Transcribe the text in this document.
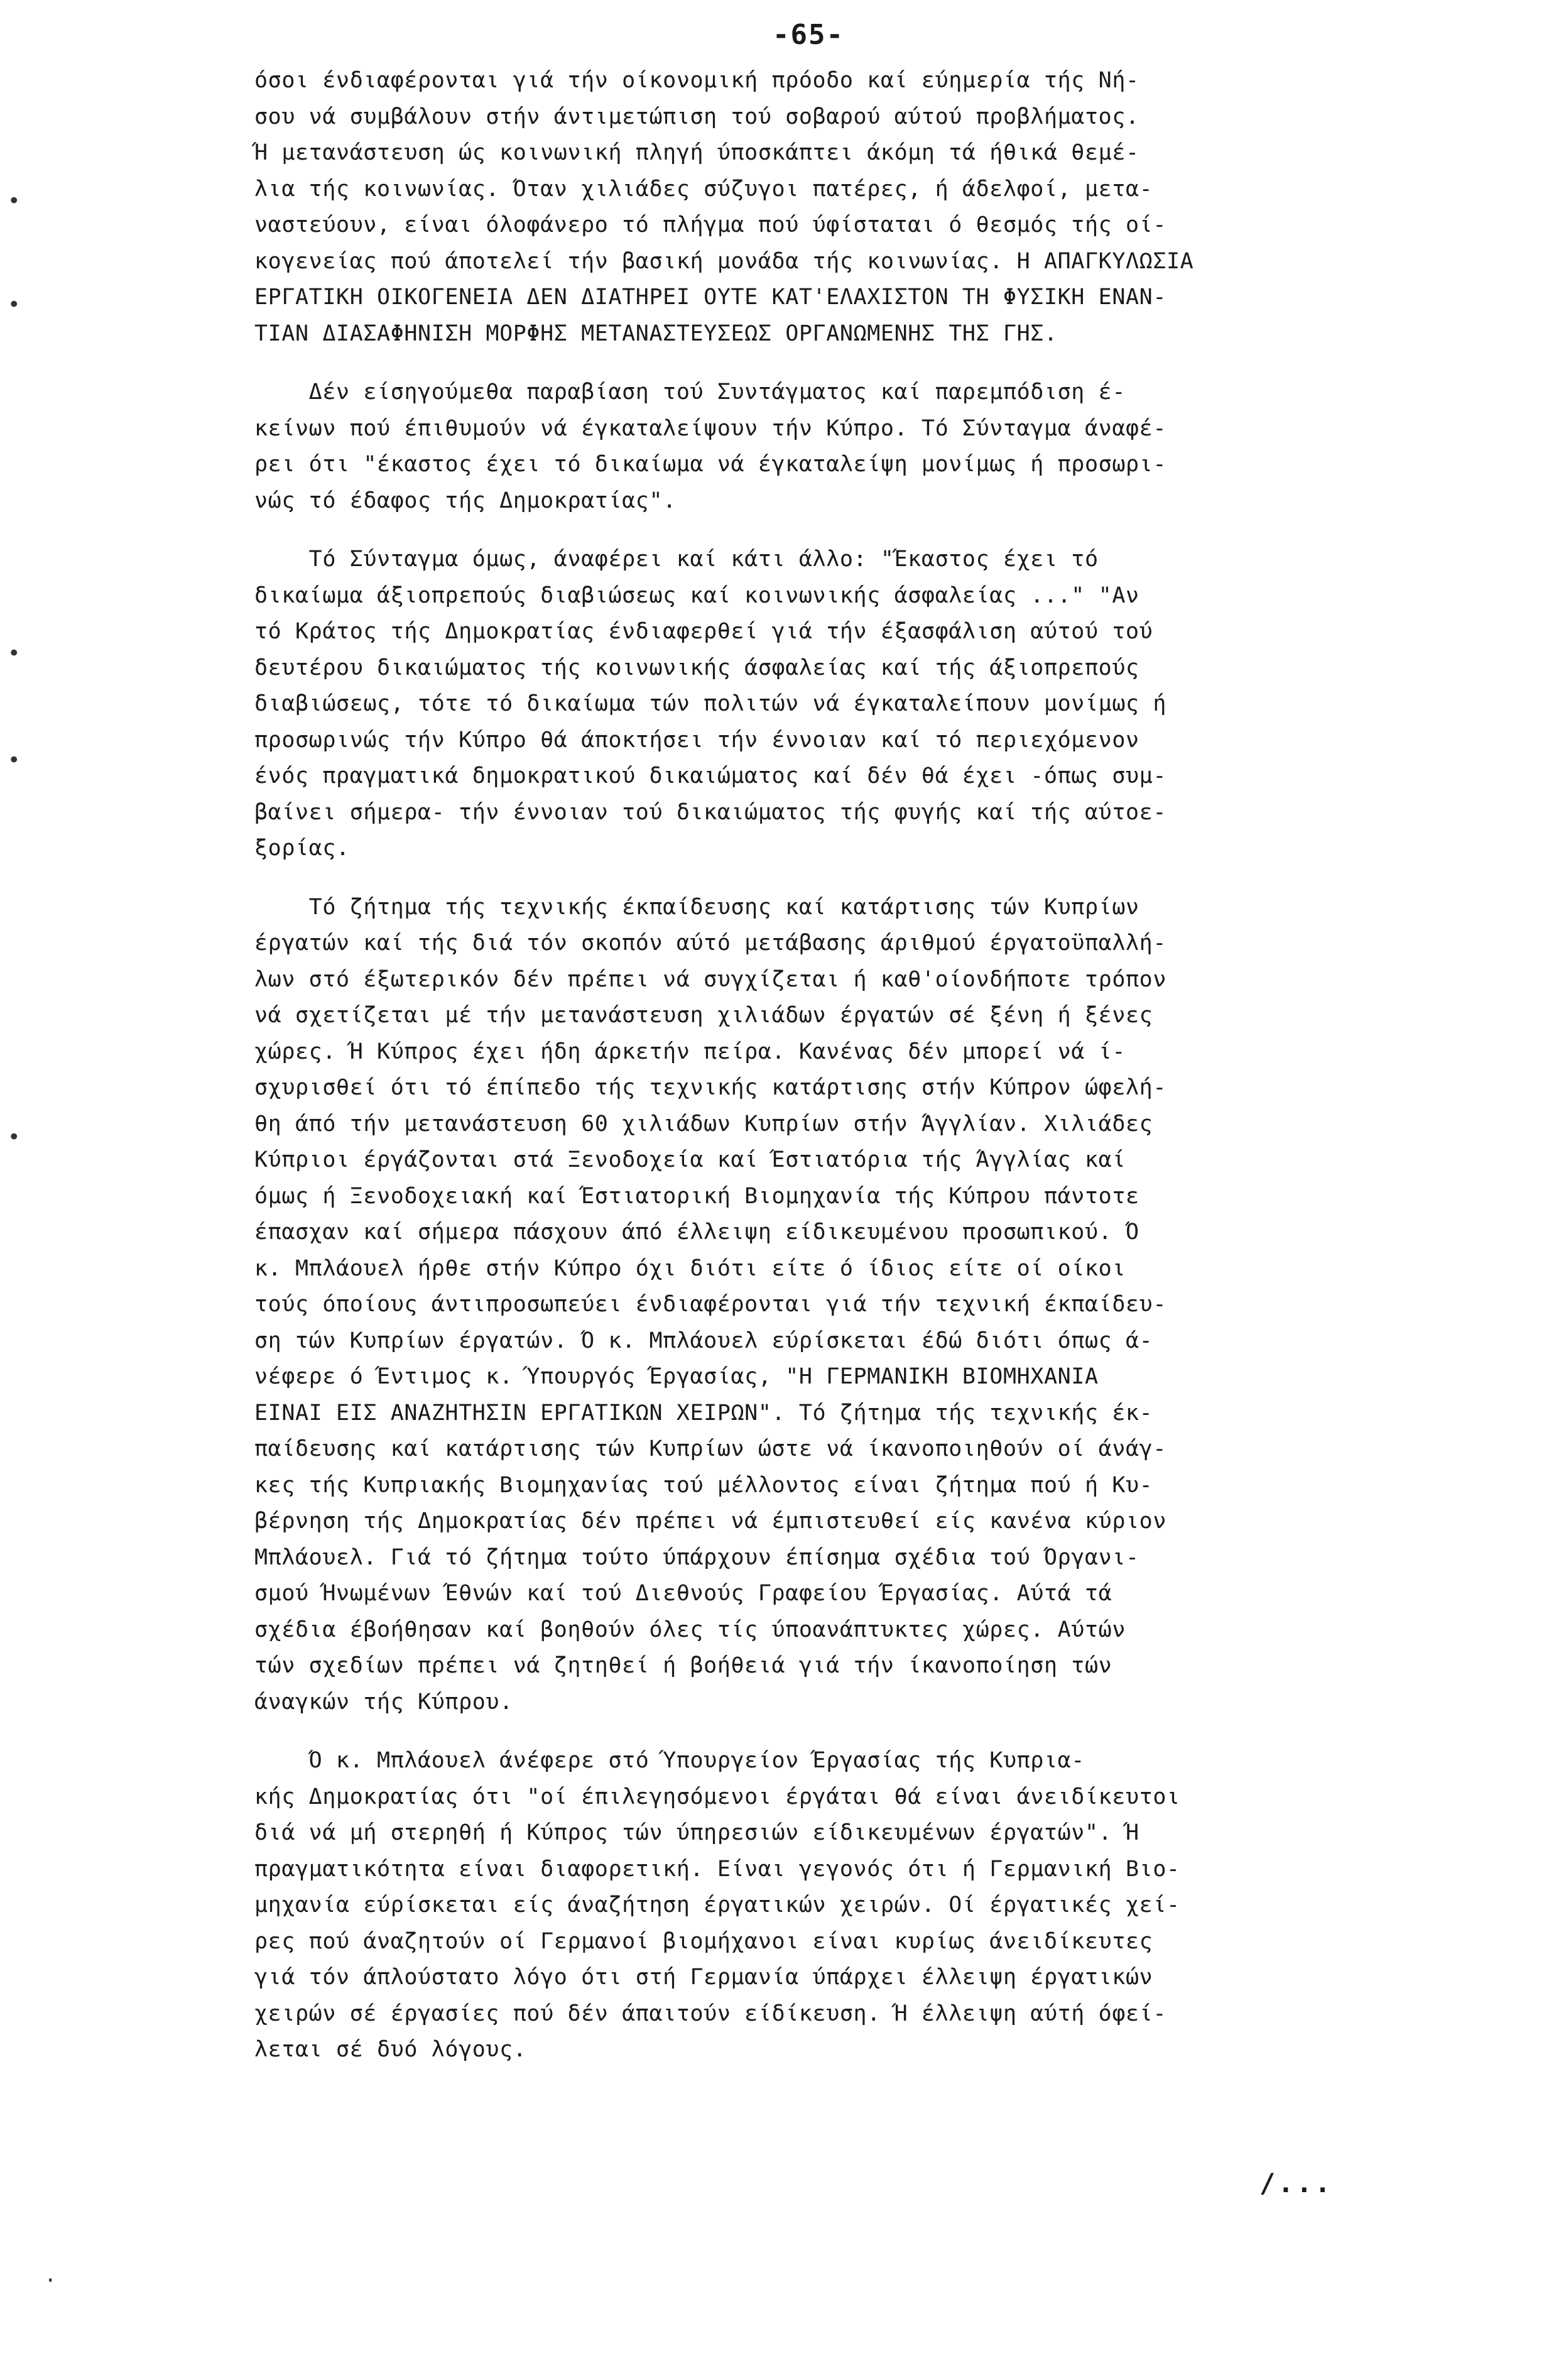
-65-
όσοι ένδιαφέρονται γιά τήν οίκονομική πρόοδο καί εύημερία τής Νή-
σου νά συμβάλουν στήν άντιμετώπιση τού σοβαρού αύτού προβλήματος.
Ή μετανάστευση ώς κοινωνική πληγή ύποσκάπτει άκόμη τά ήθικά θεμέ-
λια τής κοινωνίας. Όταν χιλιάδες σύζυγοι πατέρες, ή άδελφοί, μετα-
ναστεύουν, είναι όλοφάνερο τό πλήγμα πού ύφίσταται ό θεσμός τής οί-
κογενείας πού άποτελεί τήν βασική μονάδα τής κοινωνίας. Η ΑΠΑΓΚΥΛΩΣΙΑ
ΕΡΓΑΤΙΚΗ ΟΙΚΟΓΕΝΕΙΑ ΔΕΝ ΔΙΑΤΗΡΕΙ ΟΥΤΕ ΚΑΤ'ΕΛΑΧΙΣΤΟΝ ΤΗ ΦΥΣΙΚΗ ΕΝΑΝ-
ΤΙΑΝ ΔΙΑΣΑΦΗΝΙΣΗ ΜΟΡΦΗΣ ΜΕΤΑΝΑΣΤΕΥΣΕΩΣ ΟΡΓΑΝΩΜΕΝΗΣ ΤΗΣ ΓΗΣ.
Δέν είσηγούμεθα παραβίαση τού Συντάγματος καί παρεμπόδιση έ-
κείνων πού έπιθυμούν νά έγκαταλείψουν τήν Κύπρο. Τό Σύνταγμα άναφέ-
ρει ότι "έκαστος έχει τό δικαίωμα νά έγκαταλείψη μονίμως ή προσωρι-
νώς τό έδαφος τής Δημοκρατίας".
Τό Σύνταγμα όμως, άναφέρει καί κάτι άλλο: "Έκαστος έχει τό
δικαίωμα άξιοπρεπούς διαβιώσεως καί κοινωνικής άσφαλείας ..." "Αν
τό Κράτος τής Δημοκρατίας ένδιαφερθεί γιά τήν έξασφάλιση αύτού τού
δευτέρου δικαιώματος τής κοινωνικής άσφαλείας καί τής άξιοπρεπούς
διαβιώσεως, τότε τό δικαίωμα τών πολιτών νά έγκαταλείπουν μονίμως ή
προσωρινώς τήν Κύπρο θά άποκτήσει τήν έννοιαν καί τό περιεχόμενον
ένός πραγματικά δημοκρατικού δικαιώματος καί δέν θά έχει -όπως συμ-
βαίνει σήμερα- τήν έννοιαν τού δικαιώματος τής φυγής καί τής αύτοε-
ξορίας.
Τό ζήτημα τής τεχνικής έκπαίδευσης καί κατάρτισης τών Κυπρίων
έργατών καί τής διά τόν σκοπόν αύτό μετάβασης άριθμού έργατοϋπαλλή-
λων στό έξωτερικόν δέν πρέπει νά συγχίζεται ή καθ'οίονδήποτε τρόπον
νά σχετίζεται μέ τήν μετανάστευση χιλιάδων έργατών σέ ξένη ή ξένες
χώρες. Ή Κύπρος έχει ήδη άρκετήν πείρα. Κανένας δέν μπορεί νά ί-
σχυρισθεί ότι τό έπίπεδο τής τεχνικής κατάρτισης στήν Κύπρον ώφελή-
θη άπό τήν μετανάστευση 60 χιλιάδων Κυπρίων στήν Άγγλίαν. Χιλιάδες
Κύπριοι έργάζονται στά Ξενοδοχεία καί Έστιατόρια τής Άγγλίας καί
όμως ή Ξενοδοχειακή καί Έστιατορική Βιομηχανία τής Κύπρου πάντοτε
έπασχαν καί σήμερα πάσχουν άπό έλλειψη είδικευμένου προσωπικού. Ό
κ. Μπλάουελ ήρθε στήν Κύπρο όχι διότι είτε ό ίδιος είτε οί οίκοι
τούς όποίους άντιπροσωπεύει ένδιαφέρονται γιά τήν τεχνική έκπαίδευ-
ση τών Κυπρίων έργατών. Ό κ. Μπλάουελ εύρίσκεται έδώ διότι όπως ά-
νέφερε ό Έντιμος κ. Ύπουργός Έργασίας, "Η ΓΕΡΜΑΝΙΚΗ ΒΙΟΜΗΧΑΝΙΑ
ΕΙΝΑΙ ΕΙΣ ΑΝΑΖΗΤΗΣΙΝ ΕΡΓΑΤΙΚΩΝ ΧΕΙΡΩΝ". Τό ζήτημα τής τεχνικής έκ-
παίδευσης καί κατάρτισης τών Κυπρίων ώστε νά ίκανοποιηθούν οί άνάγ-
κες τής Κυπριακής Βιομηχανίας τού μέλλοντος είναι ζήτημα πού ή Κυ-
βέρνηση τής Δημοκρατίας δέν πρέπει νά έμπιστευθεί είς κανένα κύριον
Μπλάουελ. Γιά τό ζήτημα τούτο ύπάρχουν έπίσημα σχέδια τού Όργανι-
σμού Ήνωμένων Έθνών καί τού Διεθνούς Γραφείου Έργασίας. Αύτά τά
σχέδια έβοήθησαν καί βοηθούν όλες τίς ύποανάπτυκτες χώρες. Αύτών
τών σχεδίων πρέπει νά ζητηθεί ή βοήθειά γιά τήν ίκανοποίηση τών
άναγκών τής Κύπρου.
Ό κ. Μπλάουελ άνέφερε στό Ύπουργείον Έργασίας τής Κυπρια-
κής Δημοκρατίας ότι "οί έπιλεγησόμενοι έργάται θά είναι άνειδίκευτοι
διά νά μή στερηθή ή Κύπρος τών ύπηρεσιών είδικευμένων έργατών". Ή
πραγματικότητα είναι διαφορετική. Είναι γεγονός ότι ή Γερμανική Βιο-
μηχανία εύρίσκεται είς άναζήτηση έργατικών χειρών. Οί έργατικές χεί-
ρες πού άναζητούν οί Γερμανοί βιομήχανοι είναι κυρίως άνειδίκευτες
γιά τόν άπλούστατο λόγο ότι στή Γερμανία ύπάρχει έλλειψη έργατικών
χειρών σέ έργασίες πού δέν άπαιτούν είδίκευση. Ή έλλειψη αύτή όφεί-
λεται σέ δυό λόγους.
•
•
•
•
•
·
/...
